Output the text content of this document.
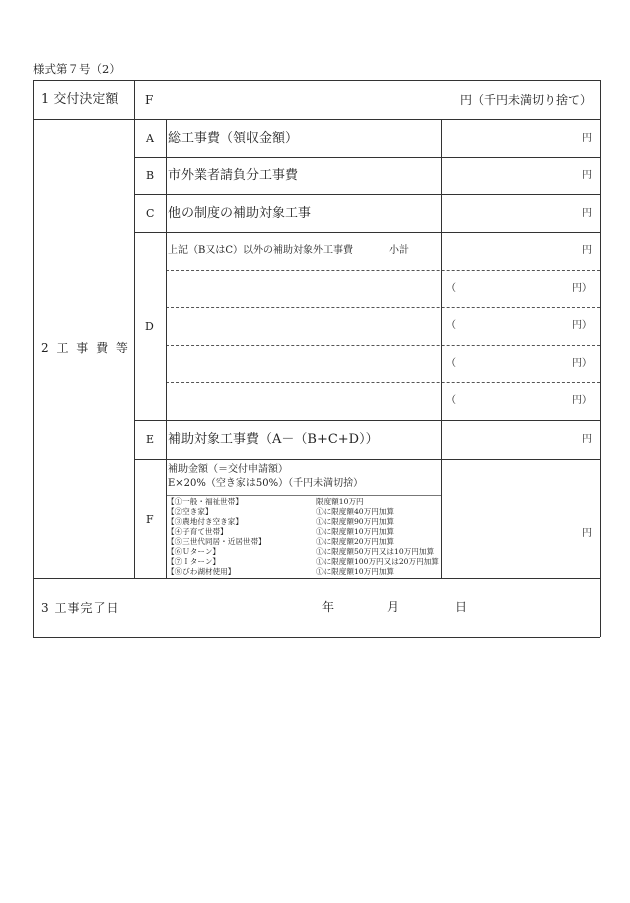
様式第７号（2）
1 交付決定額 F	円（千円未満切り捨て）
2 工 事 費 等
A 総工事費（領収金額）	円
B 市外業者請負分工事費	円
C 他の制度の補助対象工事	円
D
上記（B又はC）以外の補助対象外工事費	小計	円
（	円）
（	円）
（	円）
（	円）
E 補助対象工事費（A－（B+C+D））	円
F
補助金額（＝交付申請額）
E×20%（空き家は50%）（千円未満切捨）
円
【①一般・福祉世帯】	限度額10万円
【②空き家】	①に限度額40万円加算
【③農地付き空き家】	①に限度額90万円加算
【④子育て世帯】	①に限度額10万円加算
【⑤三世代同居・近居世帯】	①に限度額20万円加算
【⑥Ｕターン】	①に限度額50万円又は10万円加算
【⑦Ｉターン】	①に限度額100万円又は20万円加算
【⑧びわ湖材使用】	①に限度額10万円加算
3 工事完了日	年	月	日
